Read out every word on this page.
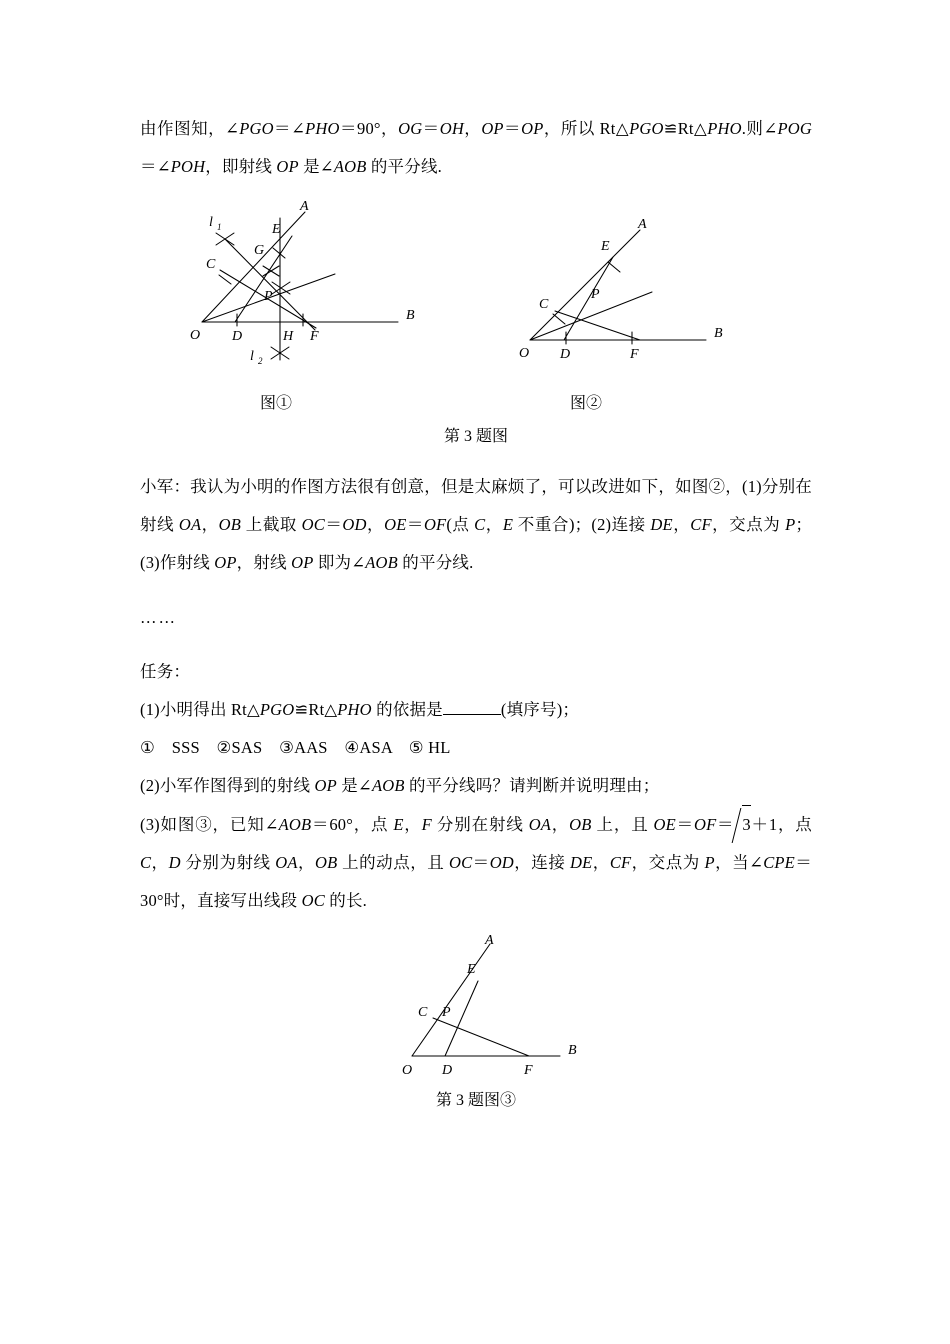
由作图知，∠PGO＝∠PHO＝90°，OG＝OH，OP＝OP，所以 Rt△PGO≌Rt△PHO.则∠POG＝∠POH，即射线 OP 是∠AOB 的平分线.

A
B
C
D
E
F
G
H
O
P
l 1
l 2
A
B
C
D
E
F
O
P
图①	图②
第 3 题图

小军：我认为小明的作图方法很有创意，但是太麻烦了，可以改进如下，如图②，(1)分别在射线 OA，OB 上截取 OC＝OD，OE＝OF(点 C，E 不重合)；(2)连接 DE，CF，交点为 P；(3)作射线 OP，射线 OP 即为∠AOB 的平分线.

……

任务：

(1)小明得出 Rt△PGO≌Rt△PHO 的依据是	(填序号)；

①　SSS　②SAS　③AAS　④ASA　⑤ HL

(2)小军作图得到的射线 OP 是∠AOB 的平分线吗？请判断并说明理由；

(3)如图③，已知∠AOB＝60°，点 E，F 分别在射线 OA，OB 上，且 OE＝OF＝ 3＋1，点 C，D 分别为射线 OA，OB 上的动点，且 OC＝OD，连接 DE，CF，交点为 P，当∠CPE＝30°时，直接写出线段 OC 的长.

A
B
C
D
E
F
O
P
第 3 题图③
